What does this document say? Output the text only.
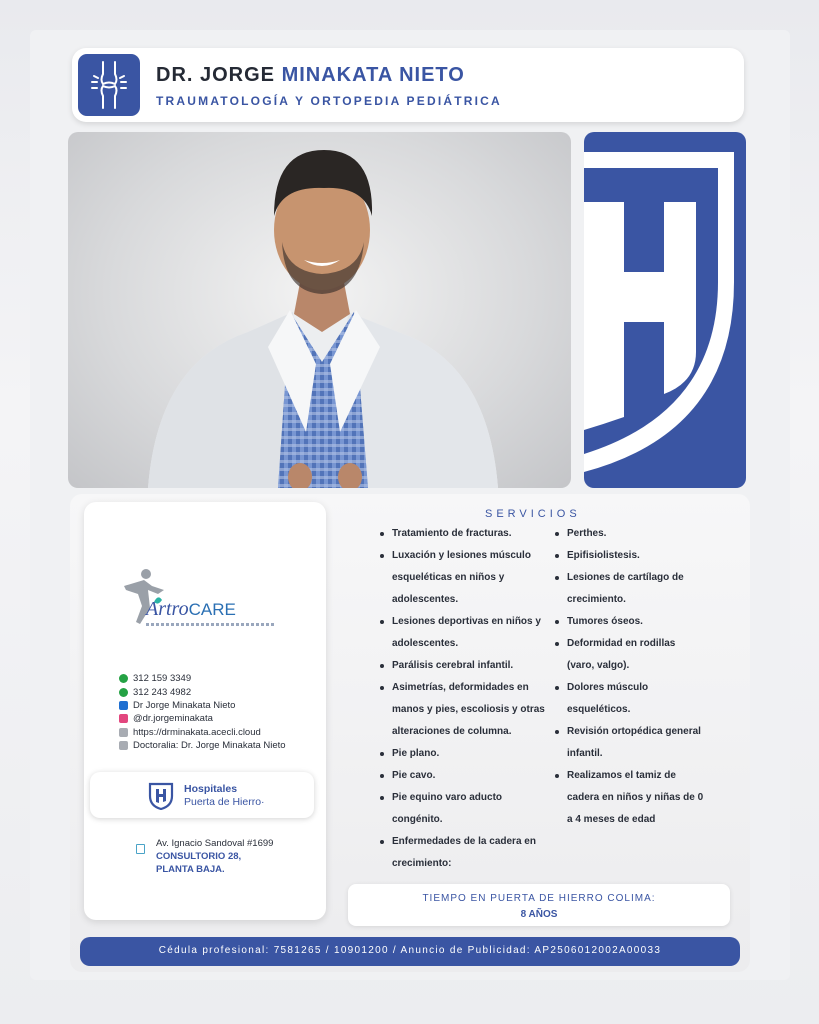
DR. JORGE MINAKATA NIETO
TRAUMATOLOGÍA Y ORTOPEDIA PEDIÁTRICA
ArtroCARE
312 159 3349
312 243 4982
Dr Jorge Minakata Nieto
@dr.jorgeminakata
https://drminakata.acecli.cloud
Doctoralia: Dr. Jorge Minakata Nieto
Hospitales
Puerta de Hierro·
Av. Ignacio Sandoval #1699
CONSULTORIO 28,
PLANTA BAJA.
SERVICIOS
Tratamiento de fracturas.
Luxación y lesiones músculo esqueléticas en niños y adolescentes.
Lesiones deportivas en niños y adolescentes.
Parálisis cerebral infantil.
Asimetrías, deformidades en manos y pies, escoliosis y otras alteraciones de columna.
Pie plano.
Pie cavo.
Pie equino varo aducto congénito.
Enfermedades de la cadera en crecimiento:
Perthes.
Epifisiolistesis.
Lesiones de cartílago de crecimiento.
Tumores óseos.
Deformidad en rodillas (varo, valgo).
Dolores músculo esqueléticos.
Revisión ortopédica general infantil.
Realizamos el tamiz de cadera en niños y niñas de 0 a 4 meses de edad
TIEMPO EN PUERTA DE HIERRO COLIMA:
8 AÑOS
Cédula profesional: 7581265 / 10901200 / Anuncio de Publicidad: AP2506012002A00033
